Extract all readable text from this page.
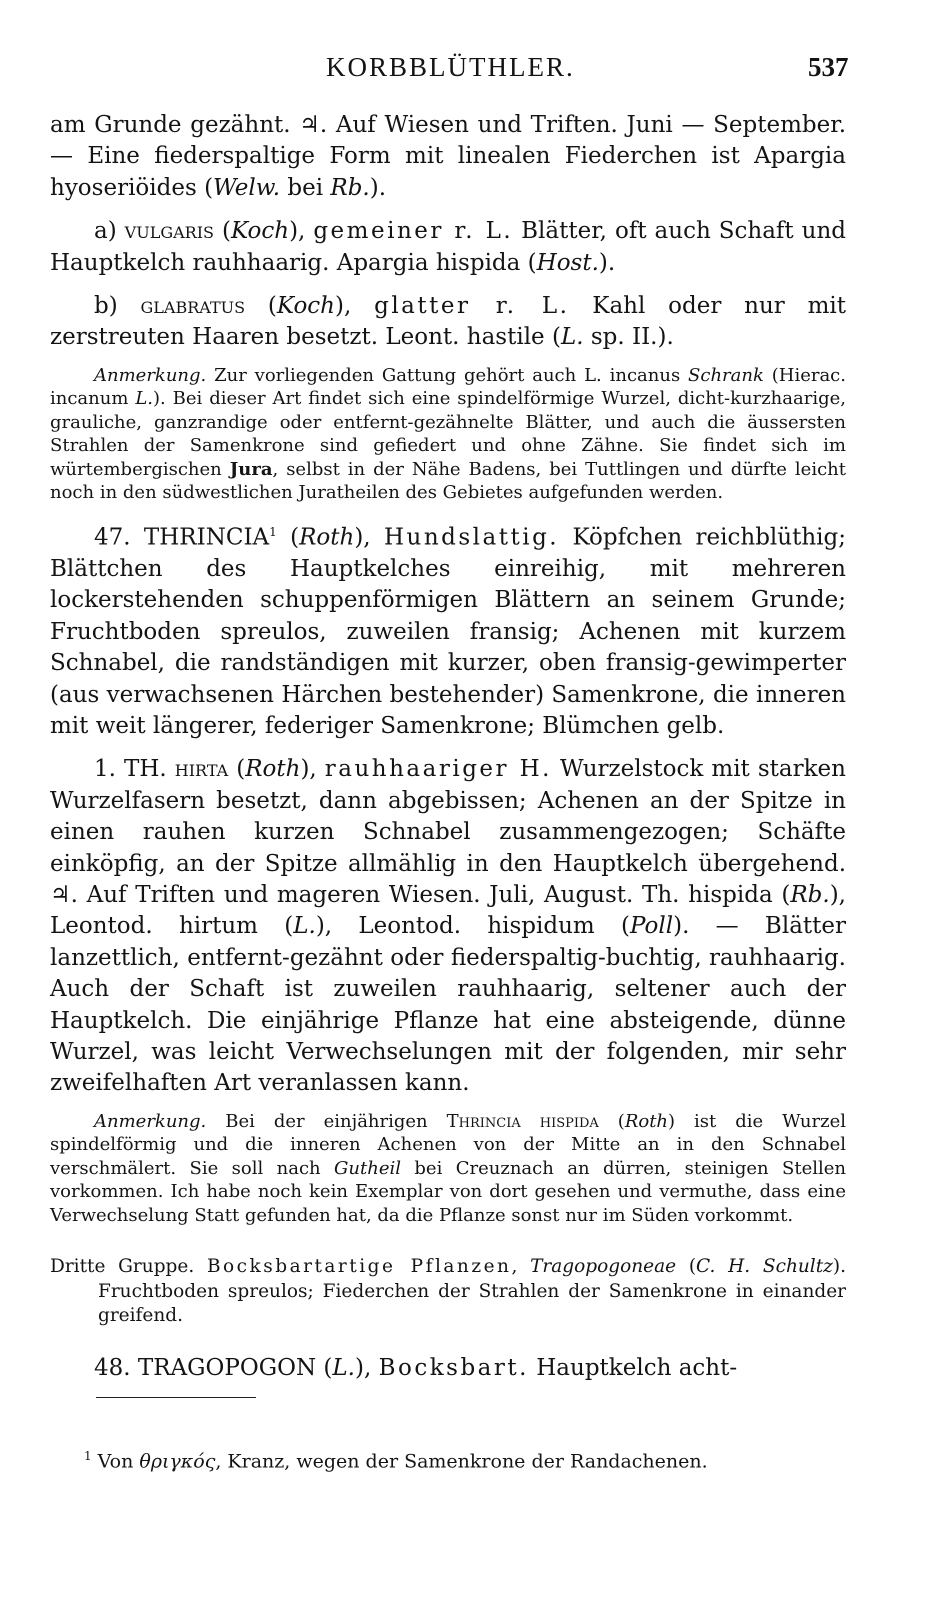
KORBBLÜTHLER.	537

am Grunde gezähnt. ♃. Auf Wiesen und Triften. Juni — September. — Eine fiederspaltige Form mit linealen Fiederchen ist Apargia hyoseriöides (Welw. bei Rb.).

a) vulgaris (Koch), gemeiner r. L. Blätter, oft auch Schaft und Hauptkelch rauhhaarig. Apargia hispida (Host.).

b) glabratus (Koch), glatter r. L. Kahl oder nur mit zerstreuten Haaren besetzt. Leont. hastile (L. sp. II.).

Anmerkung. Zur vorliegenden Gattung gehört auch L. incanus Schrank (Hierac. incanum L.). Bei dieser Art findet sich eine spindelförmige Wurzel, dicht-kurzhaarige, grauliche, ganzrandige oder entfernt-gezähnelte Blätter, und auch die äussersten Strahlen der Samenkrone sind gefiedert und ohne Zähne. Sie findet sich im würtembergischen Jura, selbst in der Nähe Badens, bei Tuttlingen und dürfte leicht noch in den südwestlichen Juratheilen des Gebietes aufgefunden werden.

47. THRINCIA$^1$ (Roth), Hundslattig. Köpfchen reichblüthig; Blättchen des Hauptkelches einreihig, mit mehreren lockerstehenden schuppenförmigen Blättern an seinem Grunde; Fruchtboden spreulos, zuweilen fransig; Achenen mit kurzem Schnabel, die randständigen mit kurzer, oben fransig-gewimperter (aus verwachsenen Härchen bestehender) Samenkrone, die inneren mit weit längerer, federiger Samenkrone; Blümchen gelb.

1. TH. hirta (Roth), rauhhaariger H. Wurzelstock mit starken Wurzelfasern besetzt, dann abgebissen; Achenen an der Spitze in einen rauhen kurzen Schnabel zusammengezogen; Schäfte einköpfig, an der Spitze allmählig in den Hauptkelch übergehend. ♃. Auf Triften und mageren Wiesen. Juli, August. Th. hispida (Rb.), Leontod. hirtum (L.), Leontod. hispidum (Poll). — Blätter lanzettlich, entfernt-gezähnt oder fiederspaltig-buchtig, rauhhaarig. Auch der Schaft ist zuweilen rauhhaarig, seltener auch der Hauptkelch. Die einjährige Pflanze hat eine absteigende, dünne Wurzel, was leicht Verwechselungen mit der folgenden, mir sehr zweifelhaften Art veranlassen kann.

Anmerkung. Bei der einjährigen Thrincia hispida (Roth) ist die Wurzel spindelförmig und die inneren Achenen von der Mitte an in den Schnabel verschmälert. Sie soll nach Gutheil bei Creuznach an dürren, steinigen Stellen vorkommen. Ich habe noch kein Exemplar von dort gesehen und vermuthe, dass eine Verwechselung Statt gefunden hat, da die Pflanze sonst nur im Süden vorkommt.

Dritte Gruppe. Bocksbartartige Pflanzen, Tragopogoneae (C. H. Schultz). Fruchtboden spreulos; Fiederchen der Strahlen der Samenkrone in einander greifend.

48. TRAGOPOGON (L.), Bocksbart. Hauptkelch acht-

$^1$ Von θριγκός, Kranz, wegen der Samenkrone der Randachenen.
